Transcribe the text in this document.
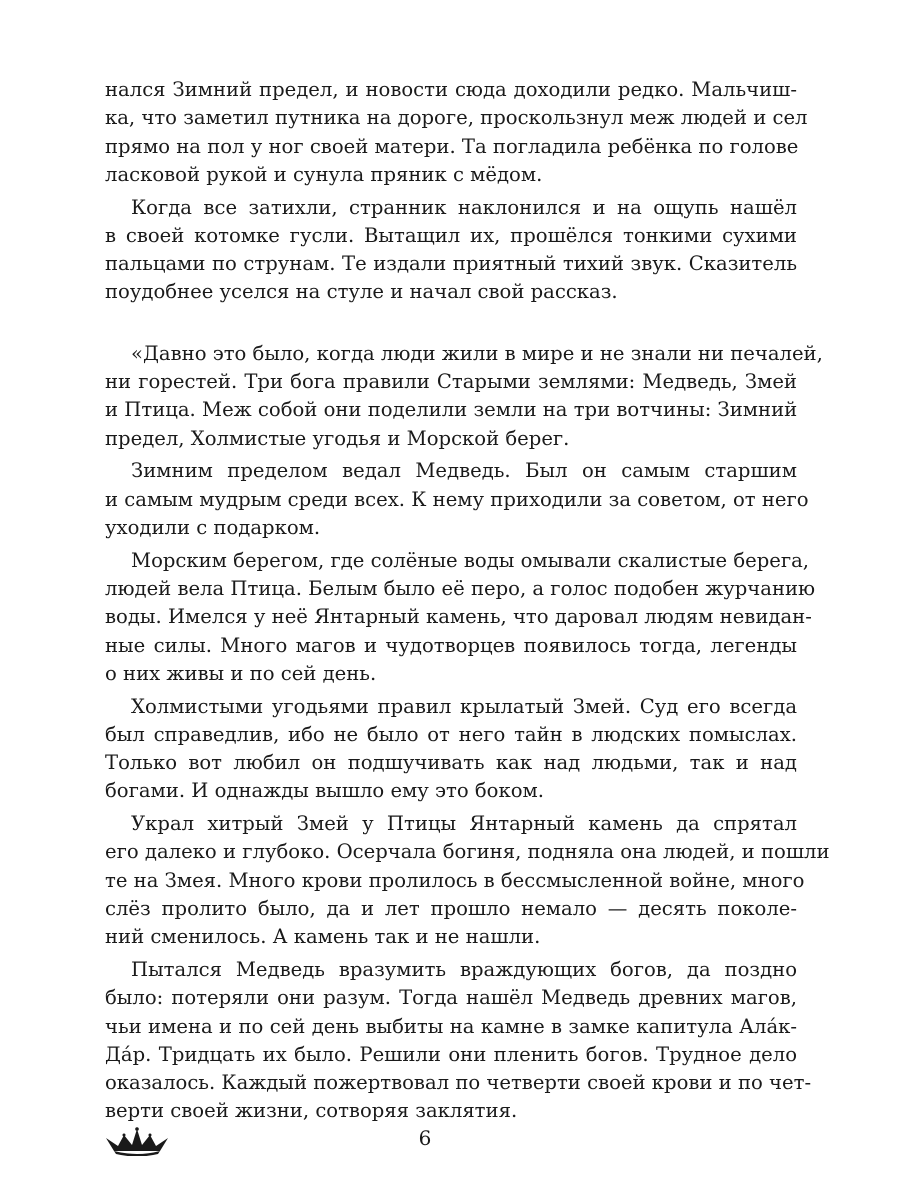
нался Зимний предел, и новости сюда доходили редко. Мальчиш-
ка, что заметил путника на дороге, проскользнул меж людей и сел
прямо на пол у ног своей матери. Та погладила ребёнка по голове
ласковой рукой и сунула пряник с мёдом.
Когда все затихли, странник наклонился и на ощупь нашёл
в своей котомке гусли. Вытащил их, прошёлся тонкими сухими
пальцами по струнам. Те издали приятный тихий звук. Сказитель
поудобнее уселся на стуле и начал свой рассказ.
«Давно это было, когда люди жили в мире и не знали ни печалей,
ни горестей. Три бога правили Старыми землями: Медведь, Змей
и Птица. Меж собой они поделили земли на три вотчины: Зимний
предел, Холмистые угодья и Морской берег.
Зимним пределом ведал Медведь. Был он самым старшим
и самым мудрым среди всех. К нему приходили за советом, от него
уходили с подарком.
Морским берегом, где солёные воды омывали скалистые берега,
людей вела Птица. Белым было её перо, а голос подобен журчанию
воды. Имелся у неё Янтарный камень, что даровал людям невидан-
ные силы. Много магов и чудотворцев появилось тогда, легенды
о них живы и по сей день.
Холмистыми угодьями правил крылатый Змей. Суд его всегда
был справедлив, ибо не было от него тайн в людских помыслах.
Только вот любил он подшучивать как над людьми, так и над
богами. И однажды вышло ему это боком.
Украл хитрый Змей у Птицы Янтарный камень да спрятал
его далеко и глубоко. Осерчала богиня, подняла она людей, и пошли
те на Змея. Много крови пролилось в бессмысленной войне, много
слёз пролито было, да и лет прошло немало — десять поколе-
ний сменилось. А камень так и не нашли.
Пытался Медведь вразумить враждующих богов, да поздно
было: потеряли они разум. Тогда нашёл Медведь древних магов,
чьи имена и по сей день выбиты на камне в замке капитула Ала́к-
Да́р. Тридцать их было. Решили они пленить богов. Трудное дело
оказалось. Каждый пожертвовал по четверти своей крови и по чет-
верти своей жизни, сотворяя заклятия.
6
